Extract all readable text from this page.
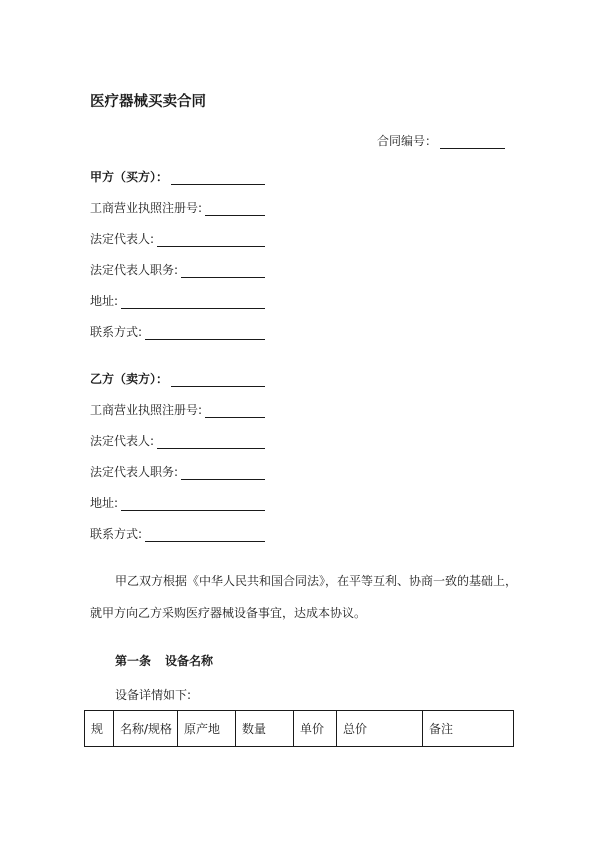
医疗器械买卖合同
合同编号：
甲方（买方）：
工商营业执照注册号:
法定代表人:
法定代表人职务:
地址:
联系方式:
乙方（卖方）：
工商营业执照注册号:
法定代表人:
法定代表人职务:
地址:
联系方式:
甲乙双方根据《中华人民共和国合同法》，在平等互利、协商一致的基础上，
就甲方向乙方采购医疗器械设备事宜，达成本协议。
第一条 设备名称
设备详情如下:
规	名称/规格	原产地	数量	单价	总价	备注
